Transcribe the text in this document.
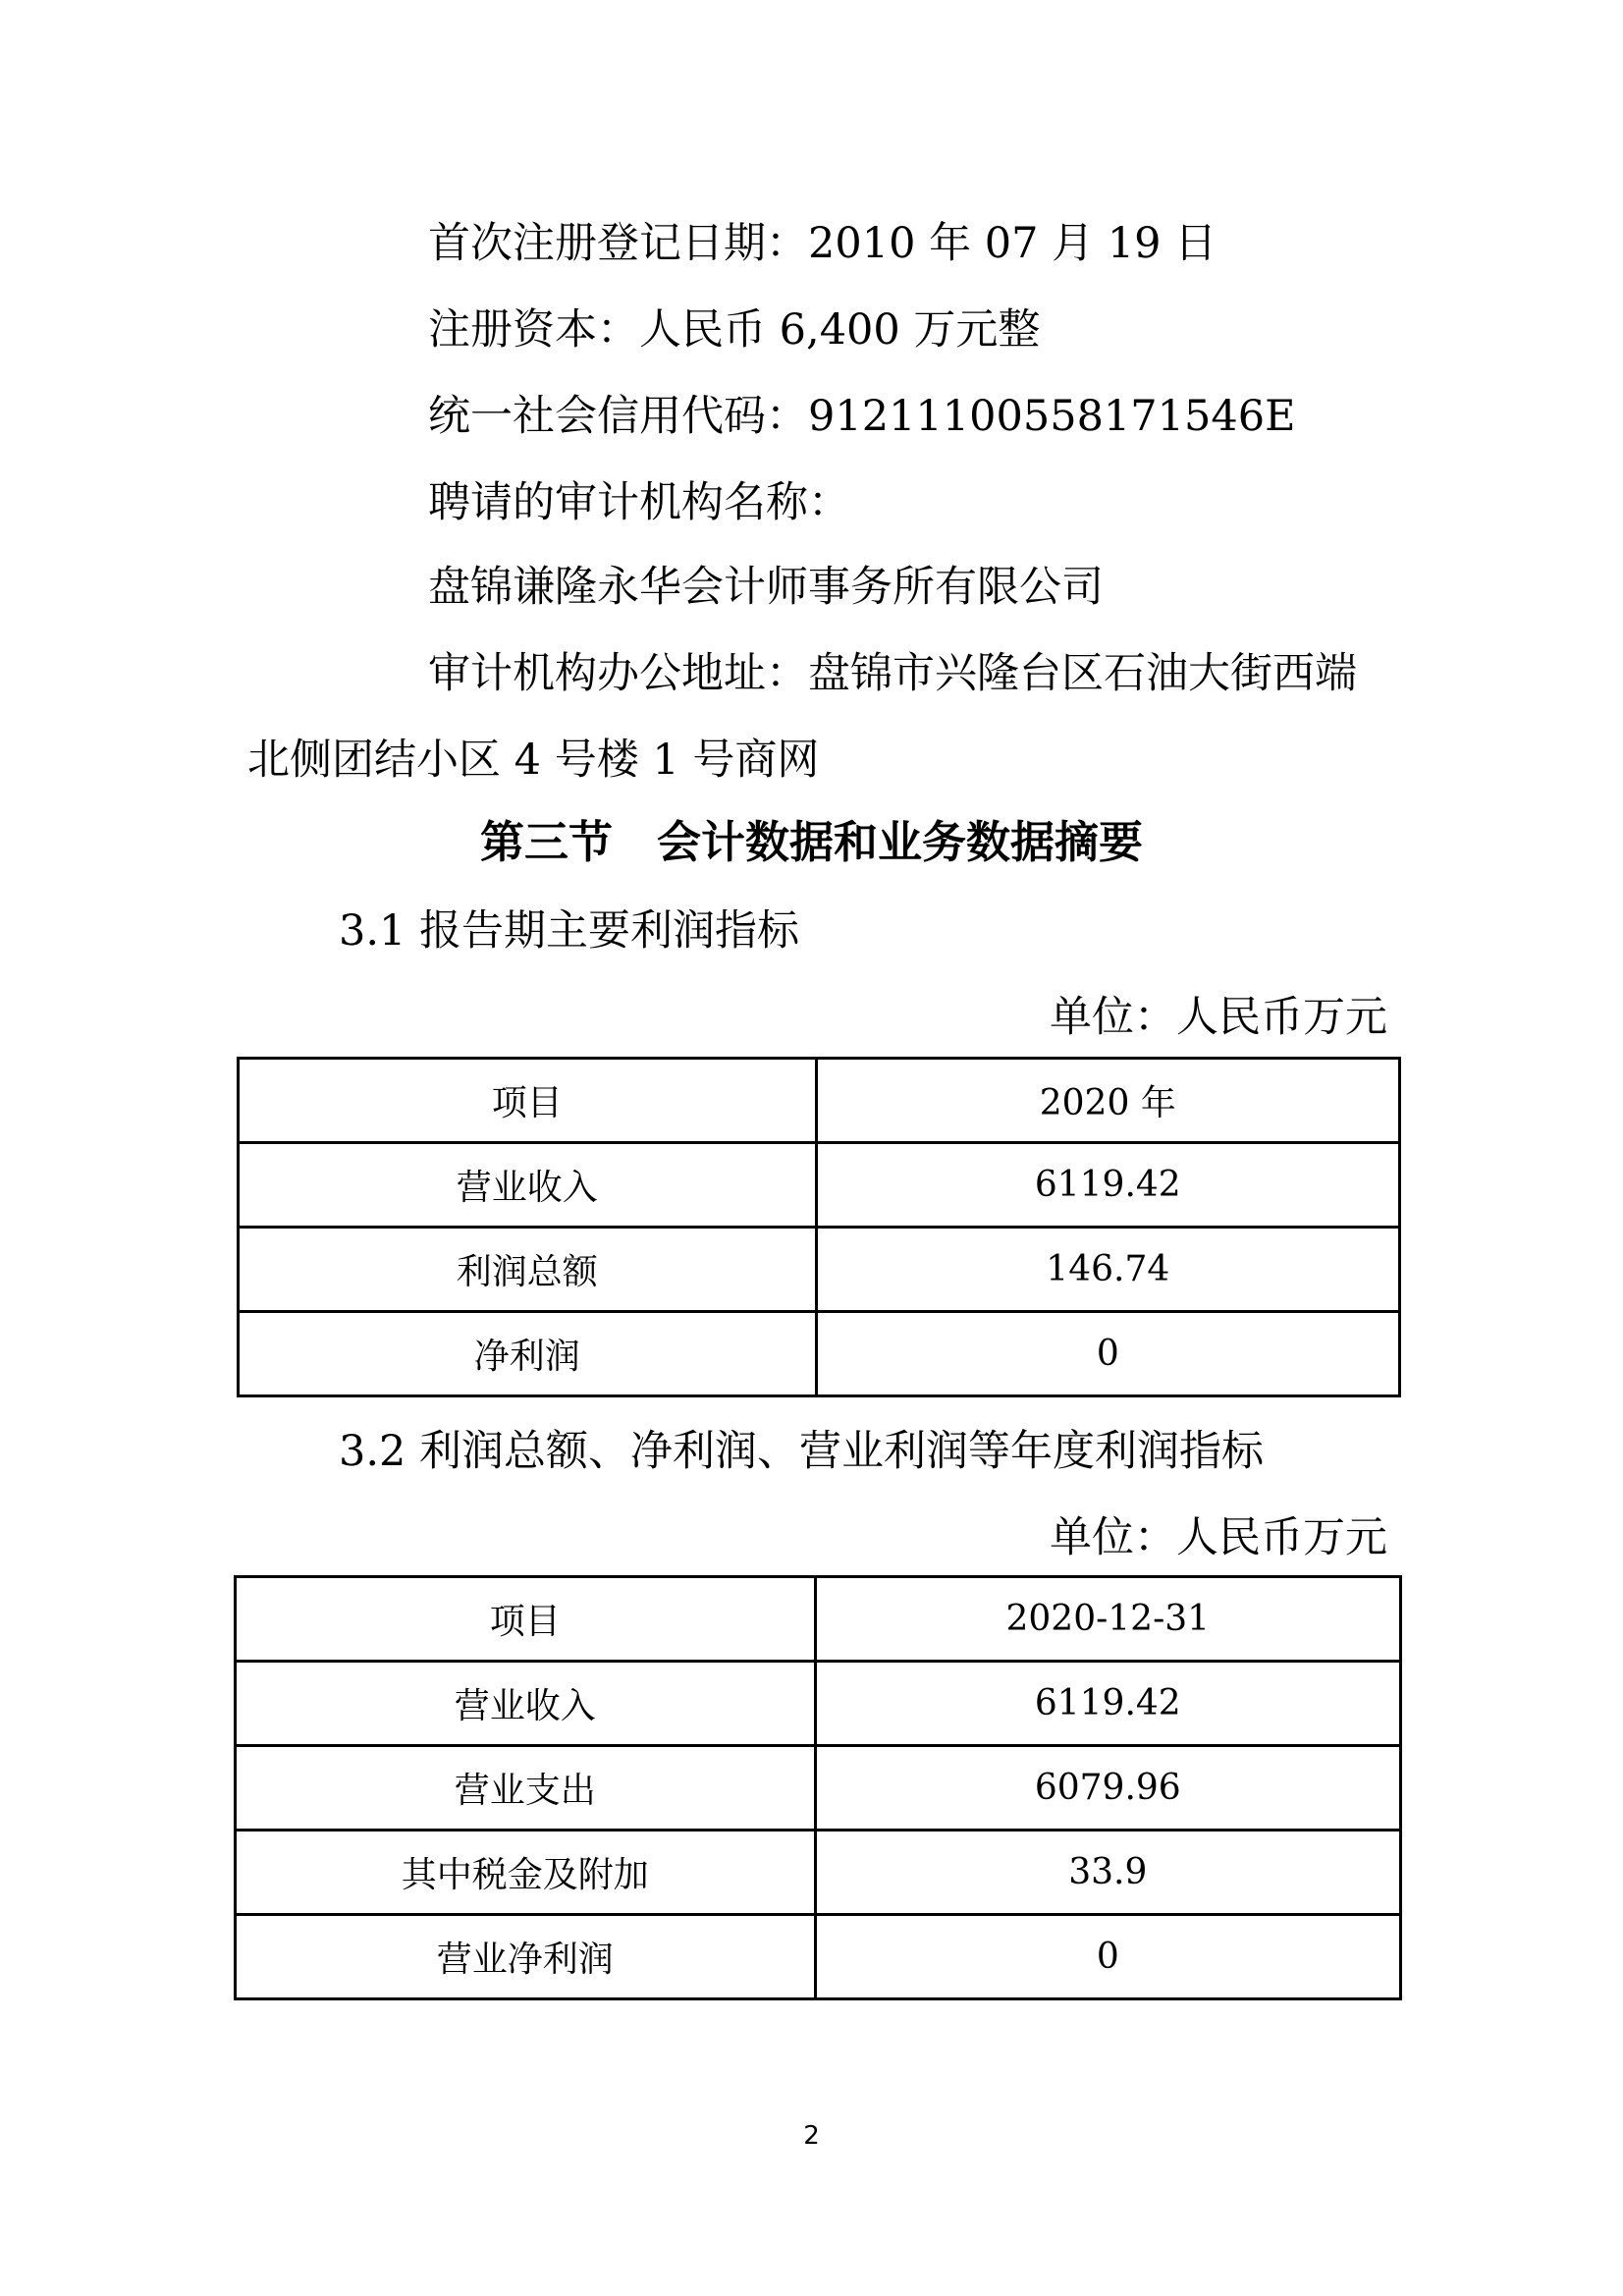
首次注册登记日期：2010 年 07 月 19 日
注册资本：人民币 6,400 万元整
统一社会信用代码：91211100558171546E
聘请的审计机构名称：
盘锦谦隆永华会计师事务所有限公司
审计机构办公地址：盘锦市兴隆台区石油大街西端
北侧团结小区 4 号楼 1 号商网
第三节　会计数据和业务数据摘要
3.1 报告期主要利润指标
单位：人民币万元
项目	2020 年
营业收入	6119.42
利润总额	146.74
净利润	0
3.2 利润总额、净利润、营业利润等年度利润指标
单位：人民币万元
项目	2020-12-31
营业收入	6119.42
营业支出	6079.96
其中税金及附加	33.9
营业净利润	0
2
